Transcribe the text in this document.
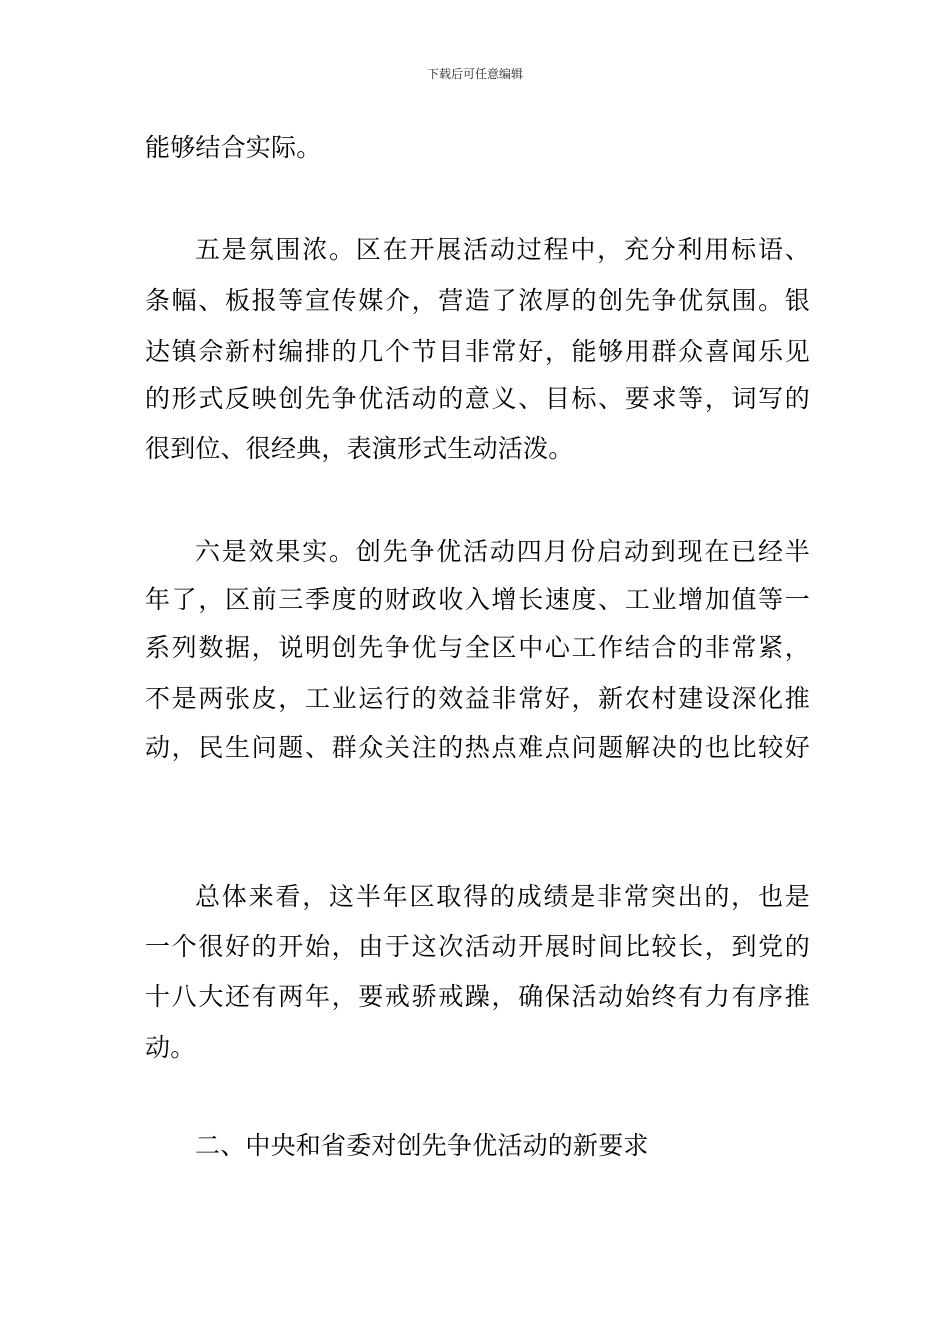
下载后可任意编辑
能够结合实际。
五是氛围浓。区在开展活动过程中，充分利用标语、
条幅、板报等宣传媒介，营造了浓厚的创先争优氛围。银
达镇佘新村编排的几个节目非常好，能够用群众喜闻乐见
的形式反映创先争优活动的意义、目标、要求等，词写的
很到位、很经典，表演形式生动活泼。
六是效果实。创先争优活动四月份启动到现在已经半
年了，区前三季度的财政收入增长速度、工业增加值等一
系列数据，说明创先争优与全区中心工作结合的非常紧，
不是两张皮，工业运行的效益非常好，新农村建设深化推
动，民生问题、群众关注的热点难点问题解决的也比较好
总体来看，这半年区取得的成绩是非常突出的，也是
一个很好的开始，由于这次活动开展时间比较长，到党的
十八大还有两年，要戒骄戒躁，确保活动始终有力有序推
动。
二、中央和省委对创先争优活动的新要求
